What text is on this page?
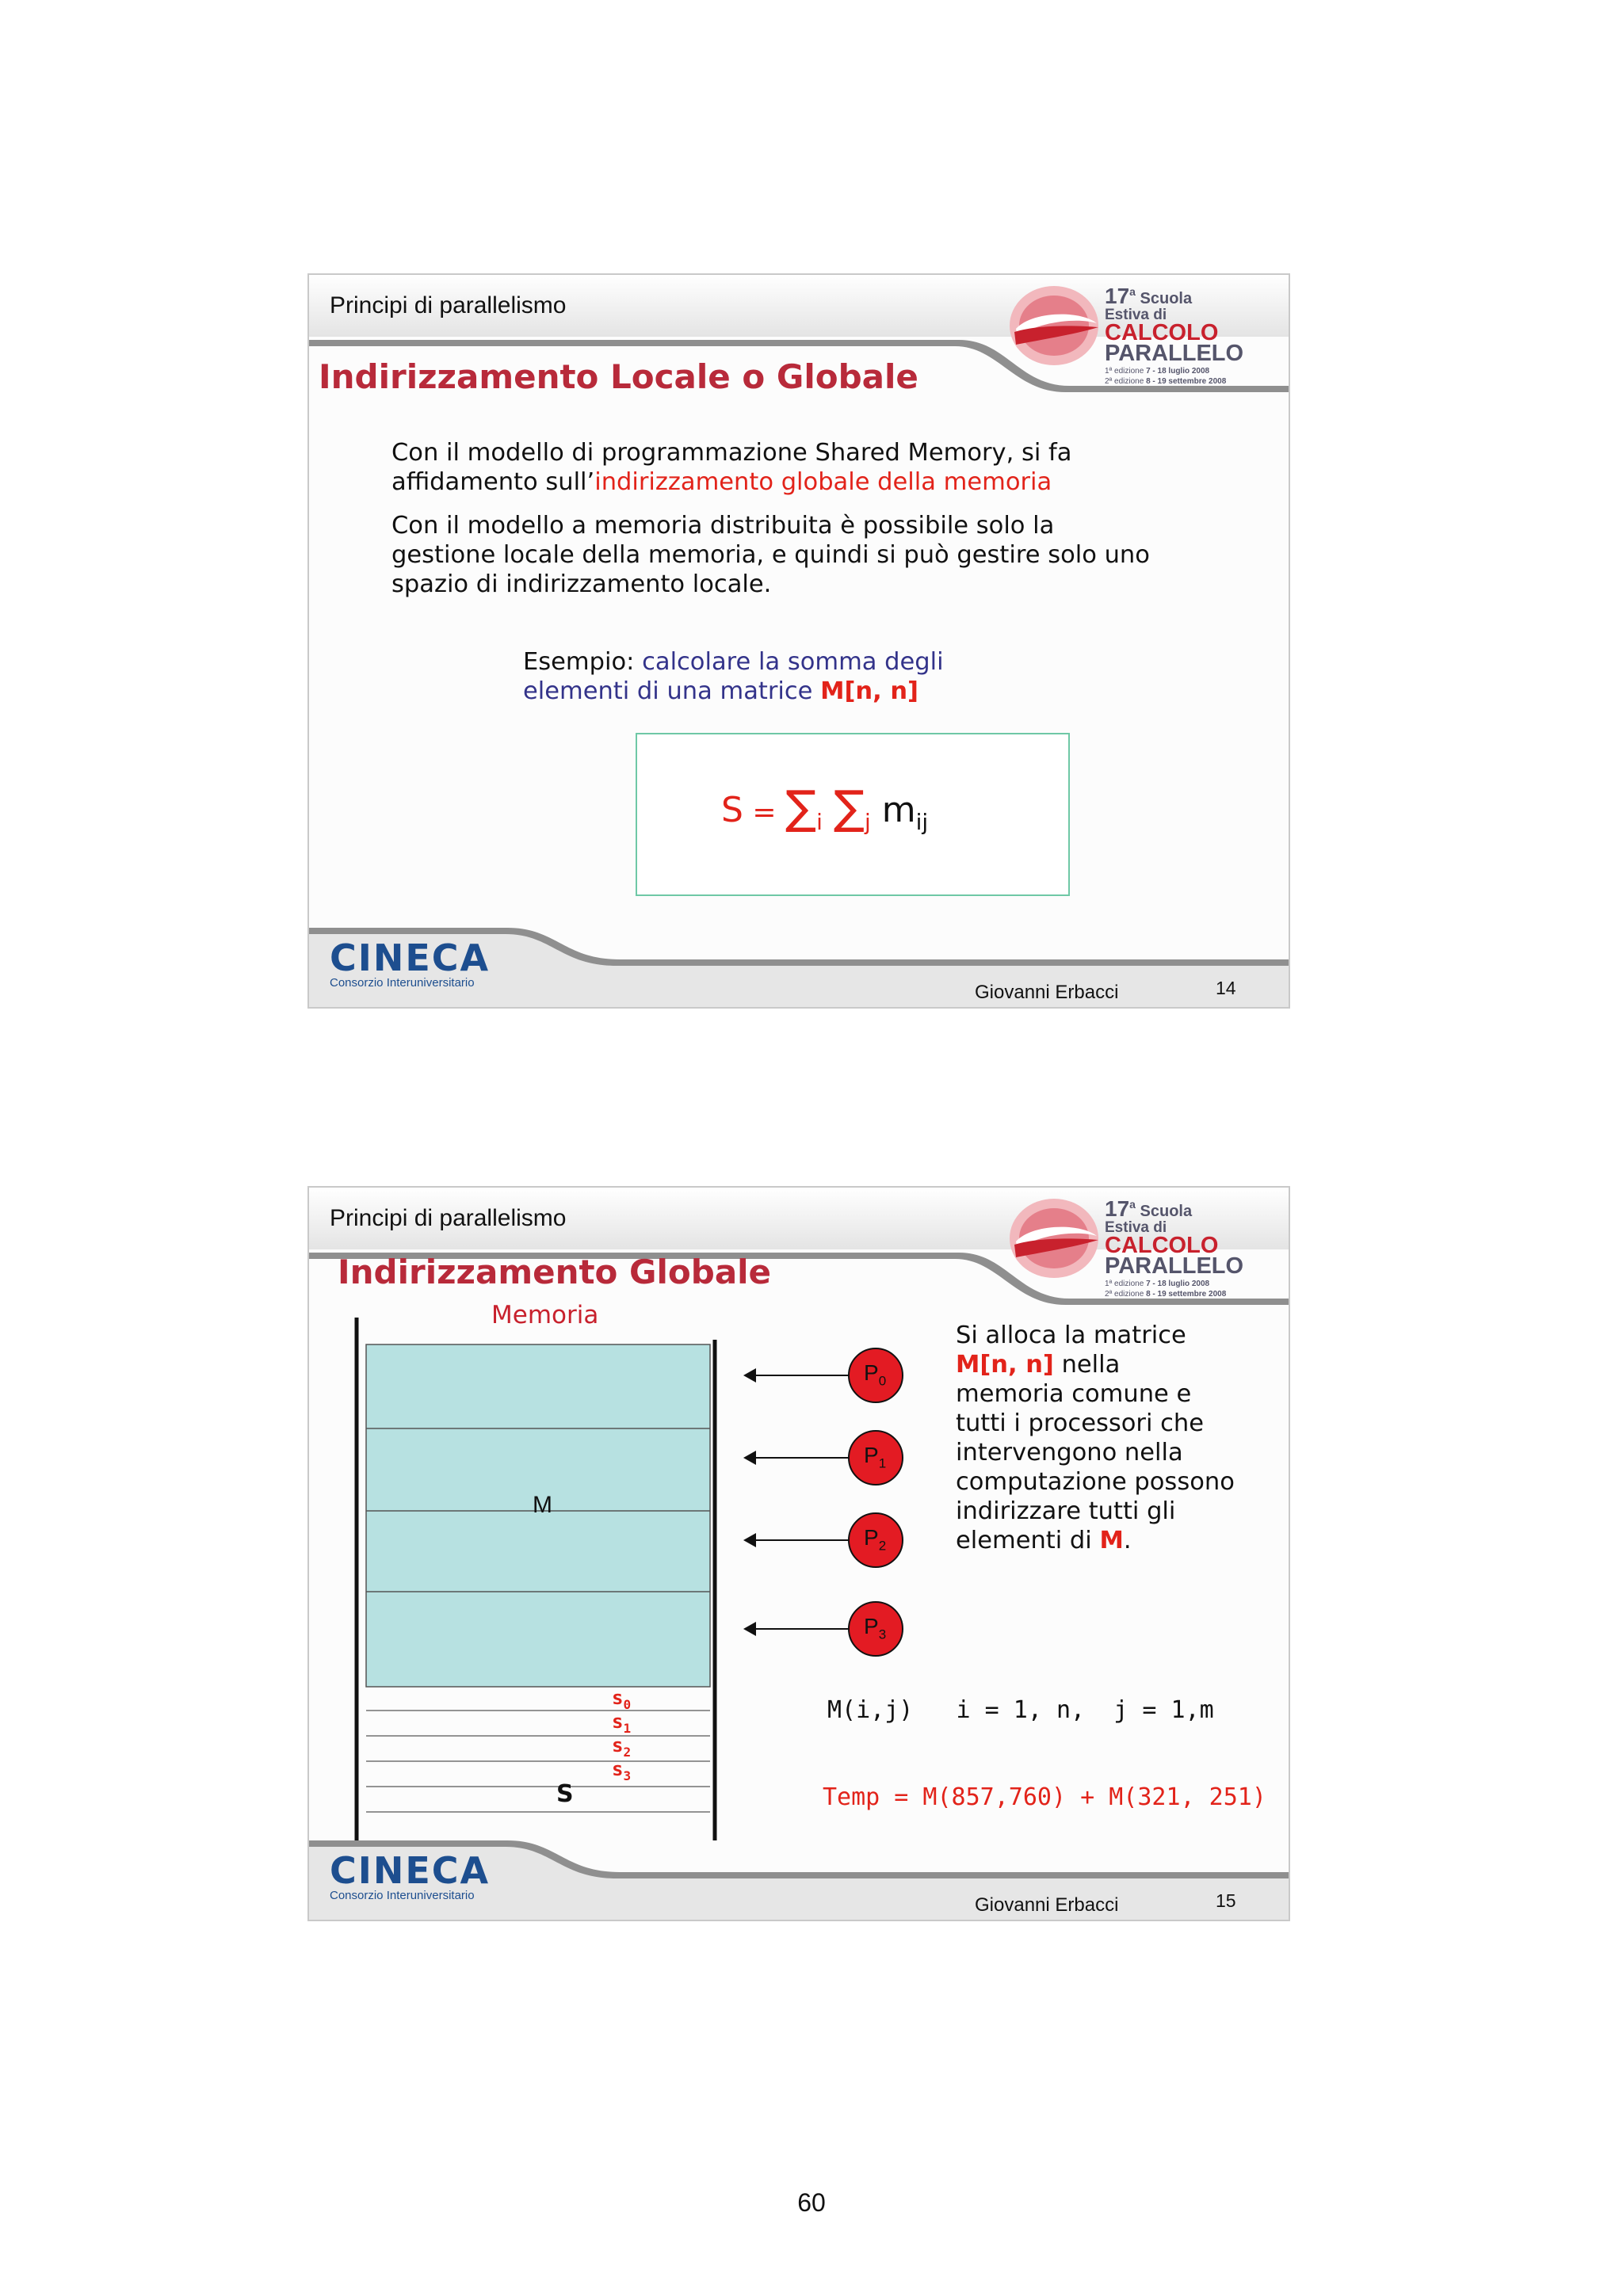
Principi di parallelismo	17$^a$ $_{Scuola}$
Estiva di
CALCOLO
PARALLELO
1ª edizione 7 - 18 luglio 2008
2ª edizione 8 - 19 settembre 2008
Indirizzamento Locale o Globale
Con il modello di programmazione Shared Memory, si fa
affidamento sull’indirizzamento globale della memoria
Con il modello a memoria distribuita è possibile solo la
gestione locale della memoria, e quindi si può gestire solo uno
spazio di indirizzamento locale.
Esempio: calcolare la somma degli
elementi di una matrice M[n, n]
$S = \sum_i$ $\sum_j$ $m_{ij}$
CINECA
Consorzio Interuniversitario	Giovanni Erbacci	14
Principi di parallelismo	17$^a$ $_{Scuola}$
Estiva di
CALCOLO
PARALLELO
1ª edizione 7 - 18 luglio 2008
2ª edizione 8 - 19 settembre 2008
Indirizzamento Globale
Memoria
M
$s_0$
$s_1$
$s_2$
$s_3$
S
$P_0$
$P_1$
$P_2$
$P_3$
Si alloca la matrice
M[n, n] nella
memoria comune e
tutti i processori che
intervengono nella
computazione possono
indirizzare tutti gli
elementi di M.
M(i,j)   i = 1, n,  j = 1,m
Temp = M(857,760) + M(321, 251)
CINECA
Consorzio Interuniversitario	Giovanni Erbacci	15
60
